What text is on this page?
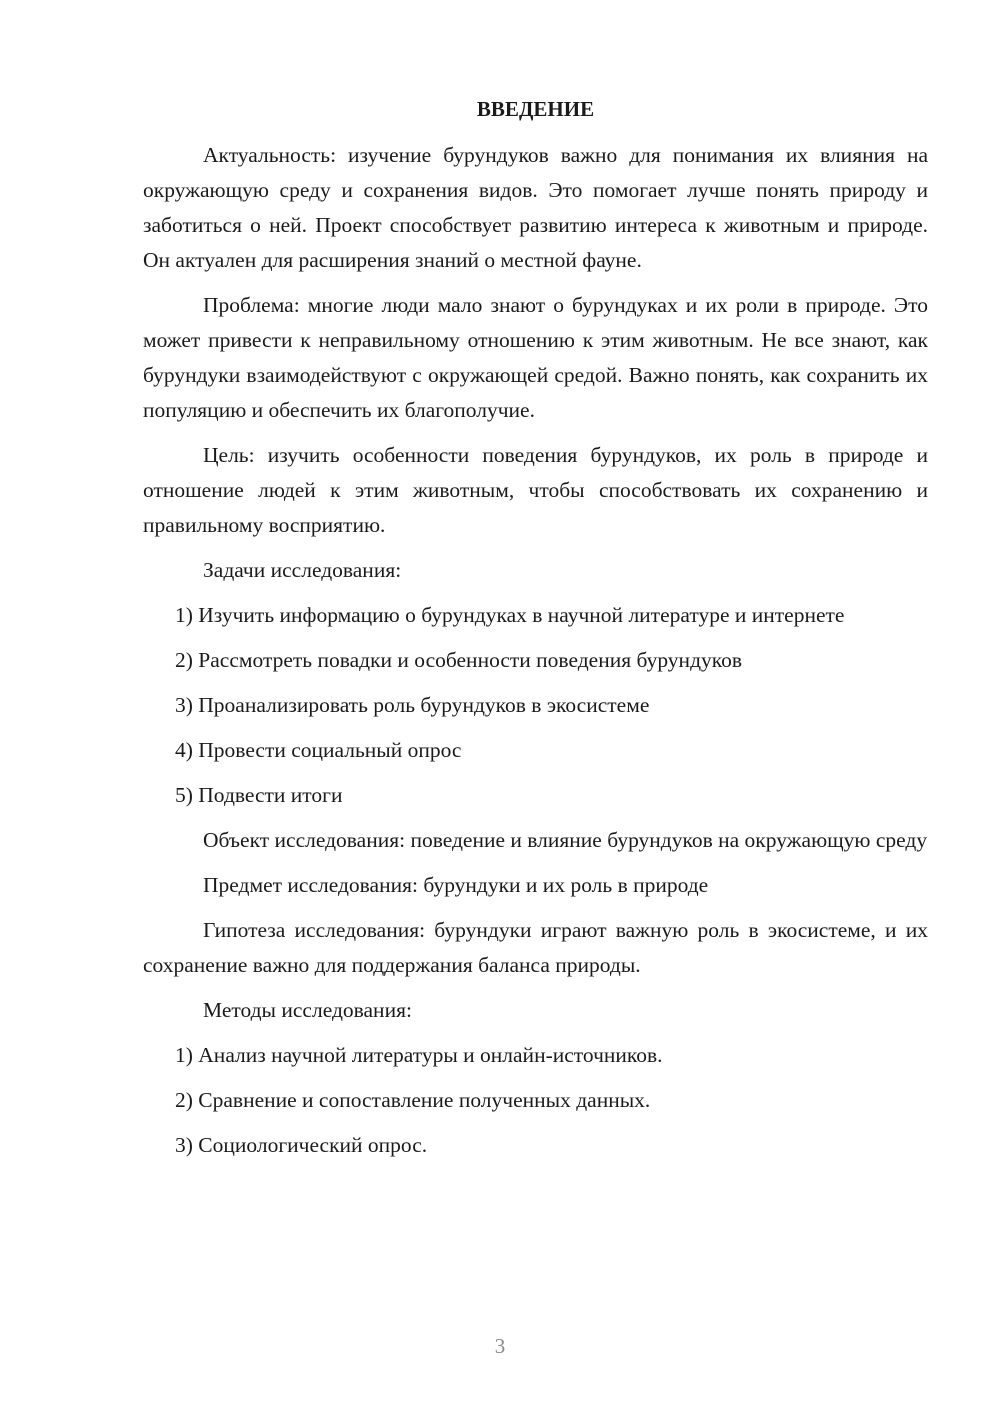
ВВЕДЕНИЕ

Актуальность: изучение бурундуков важно для понимания их влияния на окружающую среду и сохранения видов. Это помогает лучше понять природу и заботиться о ней. Проект способствует развитию интереса к животным и природе. Он актуален для расширения знаний о местной фауне.

Проблема: многие люди мало знают о бурундуках и их роли в природе. Это может привести к неправильному отношению к этим животным. Не все знают, как бурундуки взаимодействуют с окружающей средой. Важно понять, как сохранить их популяцию и обеспечить их благополучие.

Цель: изучить особенности поведения бурундуков, их роль в природе и отношение людей к этим животным, чтобы способствовать их сохранению и правильному восприятию.

Задачи исследования:

1) Изучить информацию о бурундуках в научной литературе и интернете

2) Рассмотреть повадки и особенности поведения бурундуков

3) Проанализировать роль бурундуков в экосистеме

4) Провести социальный опрос

5) Подвести итоги

Объект исследования: поведение и влияние бурундуков на окружающую среду

Предмет исследования: бурундуки и их роль в природе

Гипотеза исследования: бурундуки играют важную роль в экосистеме, и их сохранение важно для поддержания баланса природы.

Методы исследования:

1) Анализ научной литературы и онлайн-источников.

2) Сравнение и сопоставление полученных данных.

3) Социологический опрос.

3
